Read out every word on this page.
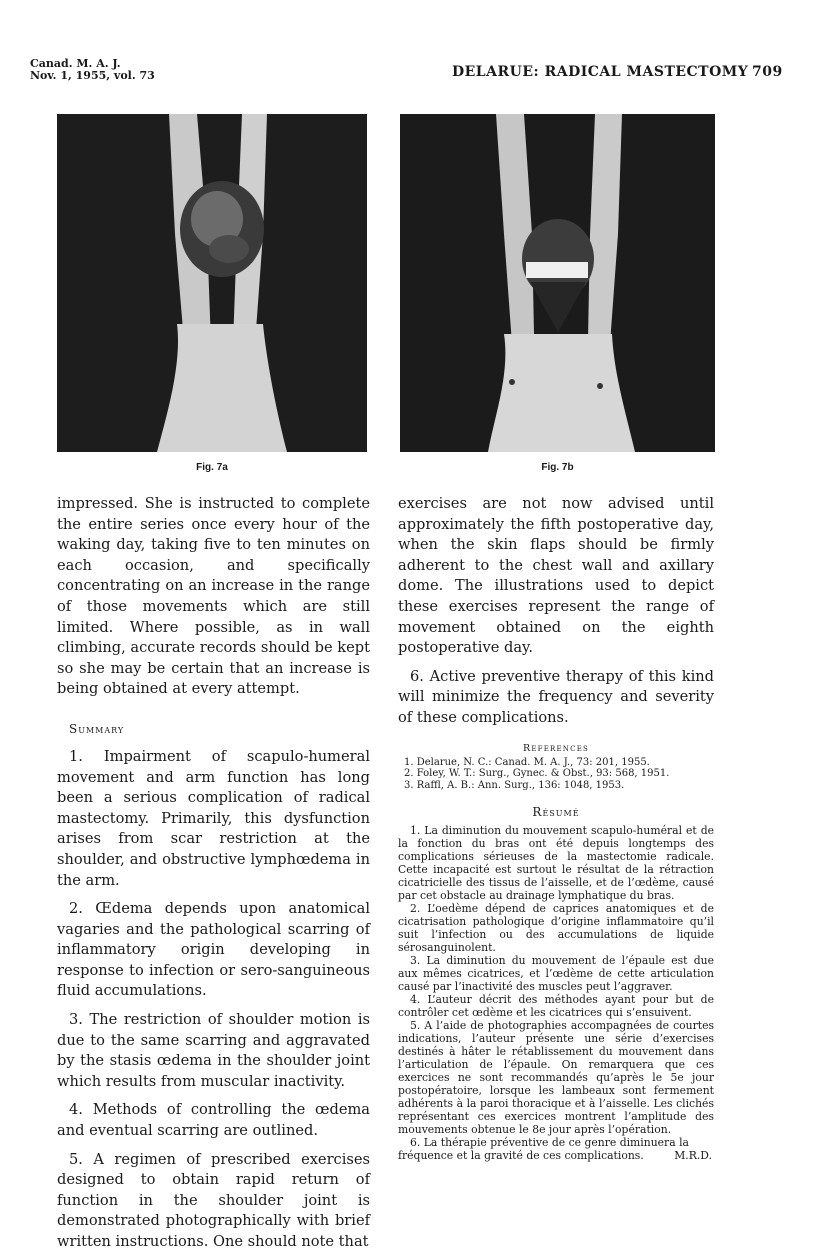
Canad. M. A. J.
Nov. 1, 1955, vol. 73	DELARUE: RADICAL MASTECTOMY 709
Fig. 7a	Fig. 7b

impressed. She is instructed to complete the entire series once every hour of the waking day, taking five to ten minutes on each occasion, and specifically concentrating on an increase in the range of those movements which are still limited. Where possible, as in wall climbing, accurate records should be kept so she may be certain that an increase is being obtained at every attempt.

Summary

1. Impairment of scapulo-humeral movement and arm function has long been a serious complication of radical mastectomy. Primarily, this dysfunction arises from scar restriction at the shoulder, and obstructive lymphœdema in the arm.

2. Œdema depends upon anatomical vagaries and the pathological scarring of inflammatory origin developing in response to infection or sero-sanguineous fluid accumulations.

3. The restriction of shoulder motion is due to the same scarring and aggravated by the stasis œdema in the shoulder joint which results from muscular inactivity.

4. Methods of controlling the œdema and eventual scarring are outlined.

5. A regimen of prescribed exercises designed to obtain rapid return of function in the shoulder joint is demonstrated photographically with brief written instructions. One should note that

exercises are not now advised until approximately the fifth postoperative day, when the skin flaps should be firmly adherent to the chest wall and axillary dome. The illustrations used to depict these exercises represent the range of movement obtained on the eighth postoperative day.

6. Active preventive therapy of this kind will minimize the frequency and severity of these complications.

References

1. Delarue, N. C.: Canad. M. A. J., 73: 201, 1955.
2. Foley, W. T.: Surg., Gynec. & Obst., 93: 568, 1951.
3. Raffl, A. B.: Ann. Surg., 136: 1048, 1953.

Résumé

1. La diminution du mouvement scapulo-huméral et de la fonction du bras ont été depuis longtemps des complications sérieuses de la mastectomie radicale. Cette incapacité est surtout le résultat de la rétraction cicatricielle des tissus de l’aisselle, et de l’œdème, causé par cet obstacle au drainage lymphatique du bras.

2. L’oedème dépend de caprices anatomiques et de cicatrisation pathologique d’origine inflammatoire qu’il suit l’infection ou des accumulations de liquide sérosanguinolent.

3. La diminution du mouvement de l’épaule est due aux mêmes cicatrices, et l’œdème de cette articulation causé par l’inactivité des muscles peut l’aggraver.

4. L’auteur décrit des méthodes ayant pour but de contrôler cet œdème et les cicatrices qui s’ensuivent.

5. A l’aide de photographies accompagnées de courtes indications, l’auteur présente une série d’exercises destinés à hâter le rétablissement du mouvement dans l’articulation de l’épaule. On remarquera que ces exercices ne sont recommandés qu’après le 5e jour postopératoire, lorsque les lambeaux sont fermement adhérents à la paroi thoracique et à l’aisselle. Les clichés représentant ces exercices montrent l’amplitude des mouvements obtenue le 8e jour après l’opération.

6. La thérapie préventive de ce genre diminuera la fréquence et la gravité de ces complications.	M.R.D.
